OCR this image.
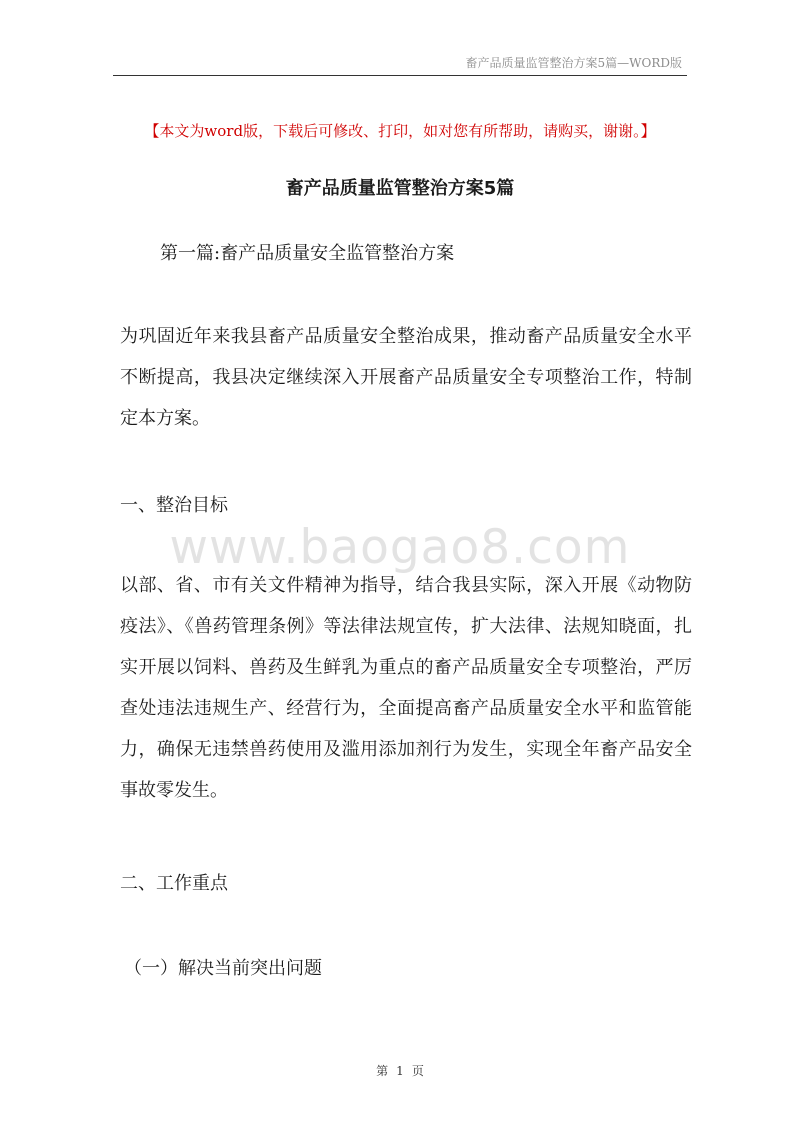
畜产品质量监管整治方案5篇—WORD版
【本文为word版，下载后可修改、打印，如对您有所帮助，请购买，谢谢。】
畜产品质量监管整治方案5篇
第一篇:畜产品质量安全监管整治方案

为巩固近年来我县畜产品质量安全整治成果，推动畜产品质量安全水平不断提高，我县决定继续深入开展畜产品质量安全专项整治工作，特制定本方案。

一、整治目标
www.baogao8.com

以部、省、市有关文件精神为指导，结合我县实际，深入开展《动物防疫法》、《兽药管理条例》等法律法规宣传，扩大法律、法规知晓面，扎实开展以饲料、兽药及生鲜乳为重点的畜产品质量安全专项整治，严厉查处违法违规生产、经营行为，全面提高畜产品质量安全水平和监管能力，确保无违禁兽药使用及滥用添加剂行为发生，实现全年畜产品安全事故零发生。

二、工作重点
（一）解决当前突出问题
第 1 页
